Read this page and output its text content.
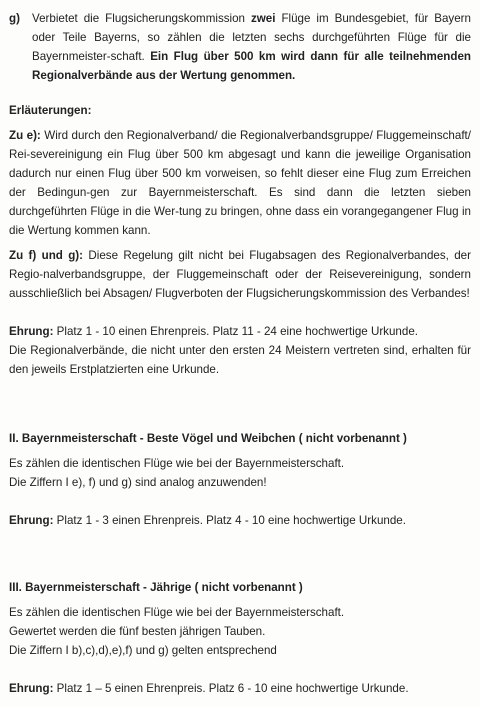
g) Verbietet die Flugsicherungskommission zwei Flüge im Bundesgebiet, für Bayern oder Teile Bayerns, so zählen die letzten sechs durchgeführten Flüge für die Bayernmeister-schaft. Ein Flug über 500 km wird dann für alle teilnehmenden Regionalverbände aus der Wertung genommen.

Erläuterungen:

Zu e): Wird durch den Regionalverband/ die Regionalverbandsgruppe/ Fluggemeinschaft/ Rei-severeinigung ein Flug über 500 km abgesagt und kann die jeweilige Organisation dadurch nur einen Flug über 500 km vorweisen, so fehlt dieser eine Flug zum Erreichen der Bedingun-gen zur Bayernmeisterschaft. Es sind dann die letzten sieben durchgeführten Flüge in die Wer-tung zu bringen, ohne dass ein vorangegangener Flug in die Wertung kommen kann.

Zu f) und g): Diese Regelung gilt nicht bei Flugabsagen des Regionalverbandes, der Regio-nalverbandsgruppe, der Fluggemeinschaft oder der Reisevereinigung, sondern ausschließlich bei Absagen/ Flugverboten der Flugsicherungskommission des Verbandes!

Ehrung: Platz 1 - 10 einen Ehrenpreis. Platz 11 - 24 eine hochwertige Urkunde.

Die Regionalverbände, die nicht unter den ersten 24 Meistern vertreten sind, erhalten für den jeweils Erstplatzierten eine Urkunde.

II. Bayernmeisterschaft - Beste Vögel und Weibchen ( nicht vorbenannt )

Es zählen die identischen Flüge wie bei der Bayernmeisterschaft.

Die Ziffern I e), f) und g) sind analog anzuwenden!

Ehrung: Platz 1 - 3 einen Ehrenpreis. Platz 4 - 10 eine hochwertige Urkunde.

III. Bayernmeisterschaft - Jährige ( nicht vorbenannt )

Es zählen die identischen Flüge wie bei der Bayernmeisterschaft.

Gewertet werden die fünf besten jährigen Tauben.

Die Ziffern I b),c),d),e),f) und g) gelten entsprechend

Ehrung: Platz 1 – 5 einen Ehrenpreis. Platz 6 - 10 eine hochwertige Urkunde.
